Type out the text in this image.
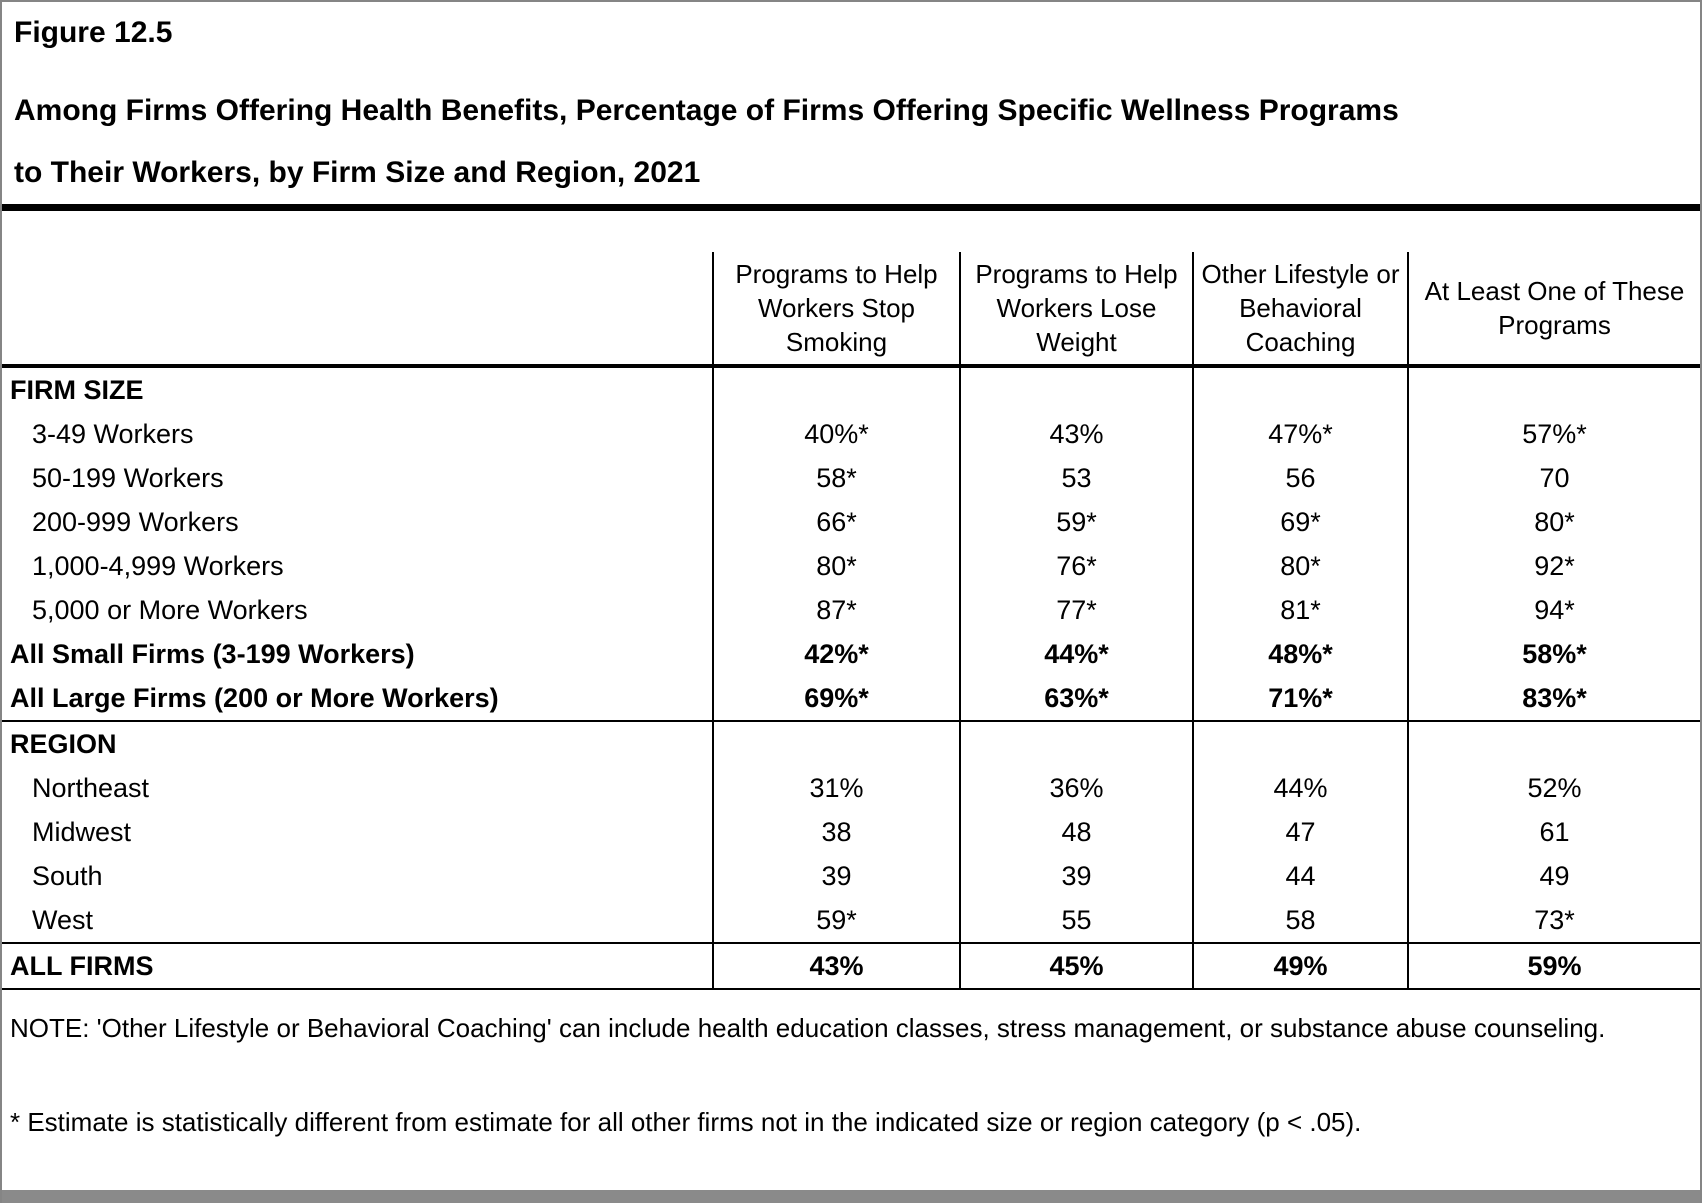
Figure 12.5
Among Firms Offering Health Benefits, Percentage of Firms Offering Specific Wellness Programs
to Their Workers, by Firm Size and Region, 2021
Programs to Help Workers Stop Smoking
Programs to Help Workers Lose Weight
Other Lifestyle or Behavioral Coaching
At Least One of These Programs
FIRM SIZE
3-49 Workers	40%*	43%	47%*	57%*
50-199 Workers	58*	53	56	70
200-999 Workers	66*	59*	69*	80*
1,000-4,999 Workers	80*	76*	80*	92*
5,000 or More Workers	87*	77*	81*	94*
All Small Firms (3-199 Workers)	42%*	44%*	48%*	58%*
All Large Firms (200 or More Workers)	69%*	63%*	71%*	83%*
REGION
Northeast	31%	36%	44%	52%
Midwest	38	48	47	61
South	39	39	44	49
West	59*	55	58	73*
ALL FIRMS	43%	45%	49%	59%
NOTE: 'Other Lifestyle or Behavioral Coaching' can include health education classes, stress management, or substance abuse counseling.
* Estimate is statistically different from estimate for all other firms not in the indicated size or region category (p < .05).
